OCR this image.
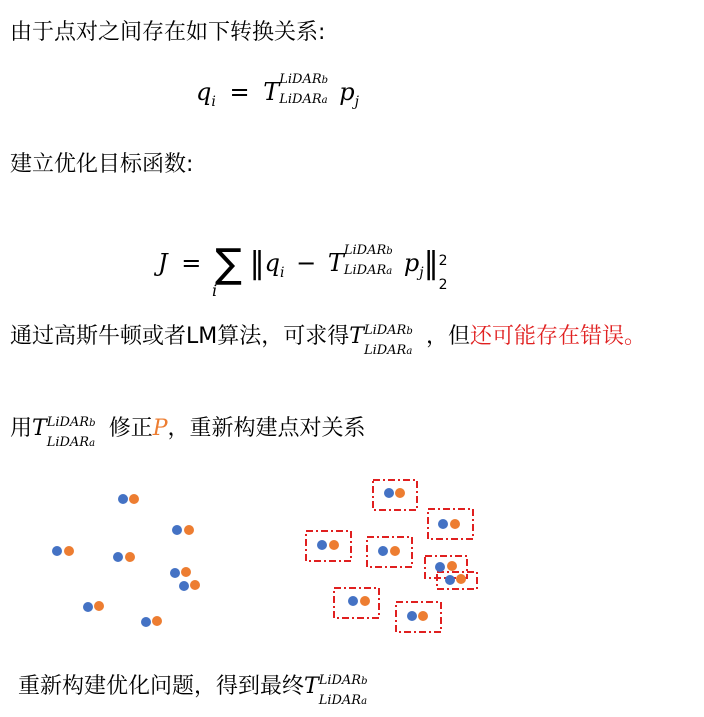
由于点对之间存在如下转换关系:
$q_i = T$ LiDARb
LiDARa $p_j$
建立优化目标函数:
J = ∑
i
$‖q_i - T$ LiDARb
LiDARa $p_j‖$ 2
2
通过高斯牛顿或者LM算法，可求得T LiDARb
LiDARa
，但还可能存在错误。
用T LiDARb
LiDARa
修正P，重新构建点对关系
重新构建优化问题，得到最终T LiDARb
LiDARa
